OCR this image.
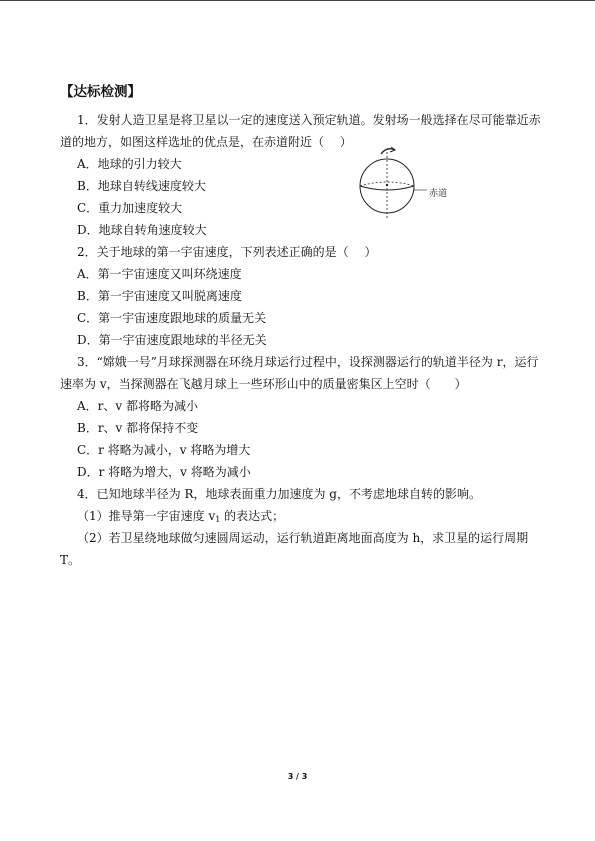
【达标检测】
1．发射人造卫星是将卫星以一定的速度送入预定轨道。发射场一般选择在尽可能靠近赤
道的地方，如图这样选址的优点是，在赤道附近（　 ）
A．地球的引力较大
B．地球自转线速度较大
C．重力加速度较大
D．地球自转角速度较大
赤道
2．关于地球的第一宇宙速度，下列表述正确的是（　 ）
A．第一宇宙速度又叫环绕速度
B．第一宇宙速度又叫脱离速度
C．第一宇宙速度跟地球的质量无关
D．第一宇宙速度跟地球的半径无关
3．“嫦娥一号”月球探测器在环绕月球运行过程中，设探测器运行的轨道半径为 r，运行
速率为 v，当探测器在飞越月球上一些环形山中的质量密集区上空时（　　）
A．r、v 都将略为减小
B．r、v 都将保持不变
C．r 将略为减小，v 将略为增大
D．r 将略为增大，v 将略为减小
4．已知地球半径为 R，地球表面重力加速度为 g，不考虑地球自转的影响。
（1）推导第一宇宙速度 $v_1$ 的表达式；
（2）若卫星绕地球做匀速圆周运动，运行轨道距离地面高度为 h，求卫星的运行周期
T。
3 / 3
